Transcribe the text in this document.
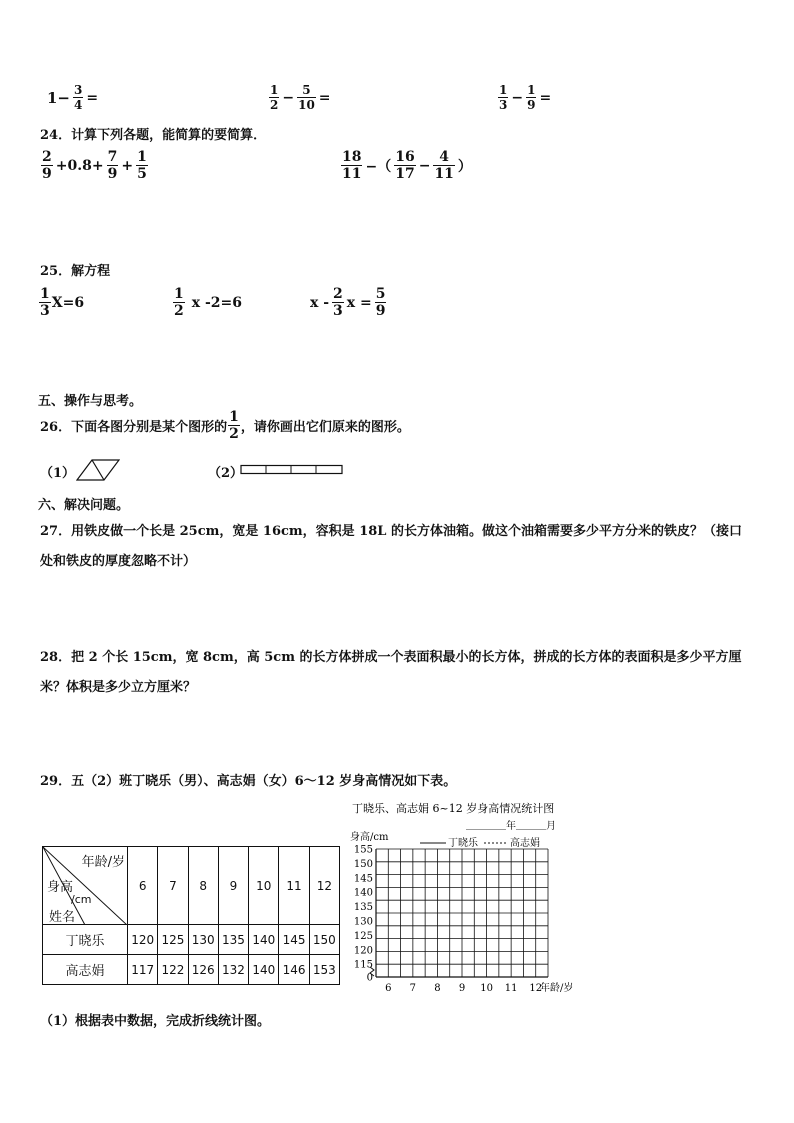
$1- \frac{3}{4}$ =	$\frac{1}{2} - \frac{5}{10}$ =	$\frac{1}{3} - \frac{1}{9}$ =
24．计算下列各题，能简算的要简算．
$\frac{2}{9} +0.8+ \frac{7}{9} + \frac{1}{5}$	$\frac{18}{11}$ −（ $\frac{16}{17} - \frac{4}{11}$ ）
25．解方程
$\frac{1}{3} X=6$	$\frac{1}{2}$ x -2=6	x - $\frac{2}{3}$ $x = \frac{5}{9}$
五、操作与思考。
26．下面各图分别是某个图形的 $\frac{1}{2}$ ，请你画出它们原来的图形。
（1）	（2）
六、解决问题。
27．用铁皮做一个长是 25cm，宽是 16cm，容积是 18L 的长方体油箱。做这个油箱需要多少平方分米的铁皮？（接口
处和铁皮的厚度忽略不计）
28．把 2 个长 15cm，宽 8cm，高 5cm 的长方体拼成一个表面积最小的长方体，拼成的长方体的表面积是多少平方厘
米？体积是多少立方厘米？
29．五（2）班丁晓乐（男）、高志娟（女）6～12 岁身高情况如下表。
年龄/岁
身高
/cm
姓名	6	7	8	9	10	11	12
丁晓乐	120	125	130	135	140	145	150
高志娟	117	122	126	132	140	146	153
丁晓乐、高志娟 6~12 岁身高情况统计图
＿＿＿＿年＿＿＿月
身高/cm
丁晓乐	高志娟
155
150
145
140
135
130
125
120
115
0
6 7 8 9 10 11 12
年龄/岁
（1）根据表中数据，完成折线统计图。
